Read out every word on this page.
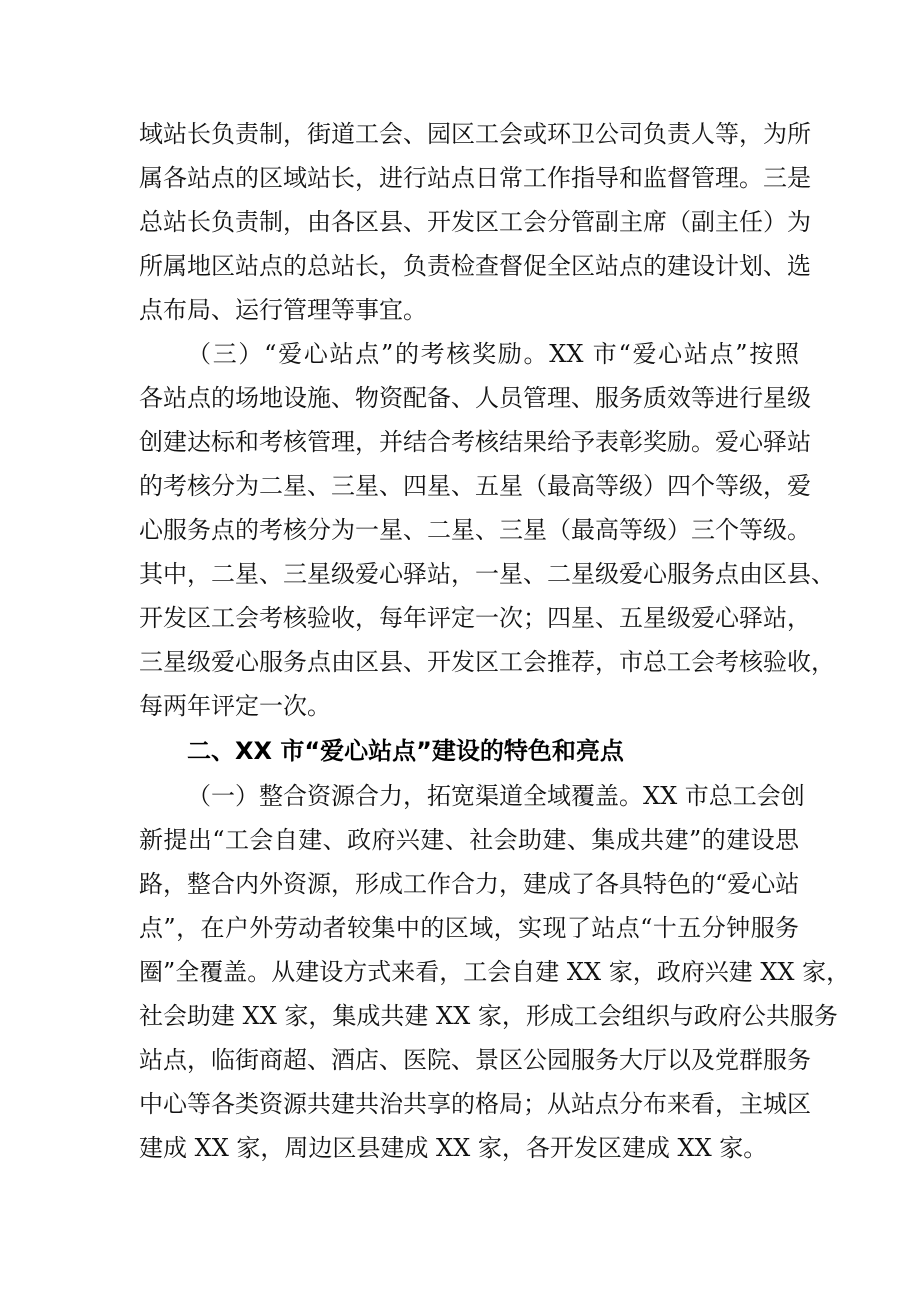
域站长负责制，街道工会、园区工会或环卫公司负责人等，为所
属各站点的区域站长，进行站点日常工作指导和监督管理。三是
总站长负责制，由各区县、开发区工会分管副主席（副主任）为
所属地区站点的总站长，负责检查督促全区站点的建设计划、选
点布局、运行管理等事宜。
（三）“爱心站点”的考核奖励。XX 市“爱心站点”按照
各站点的场地设施、物资配备、人员管理、服务质效等进行星级
创建达标和考核管理，并结合考核结果给予表彰奖励。爱心驿站
的考核分为二星、三星、四星、五星（最高等级）四个等级，爱
心服务点的考核分为一星、二星、三星（最高等级）三个等级。
其中，二星、三星级爱心驿站，一星、二星级爱心服务点由区县、
开发区工会考核验收，每年评定一次；四星、五星级爱心驿站，
三星级爱心服务点由区县、开发区工会推荐，市总工会考核验收，
每两年评定一次。
二、XX 市“爱心站点”建设的特色和亮点
（一）整合资源合力，拓宽渠道全域覆盖。XX 市总工会创
新提出“工会自建、政府兴建、社会助建、集成共建”的建设思
路，整合内外资源，形成工作合力，建成了各具特色的“爱心站
点”，在户外劳动者较集中的区域，实现了站点“十五分钟服务
圈”全覆盖。从建设方式来看，工会自建 XX 家，政府兴建 XX 家，
社会助建 XX 家，集成共建 XX 家，形成工会组织与政府公共服务
站点，临街商超、酒店、医院、景区公园服务大厅以及党群服务
中心等各类资源共建共治共享的格局；从站点分布来看，主城区
建成 XX 家，周边区县建成 XX 家，各开发区建成 XX 家。
